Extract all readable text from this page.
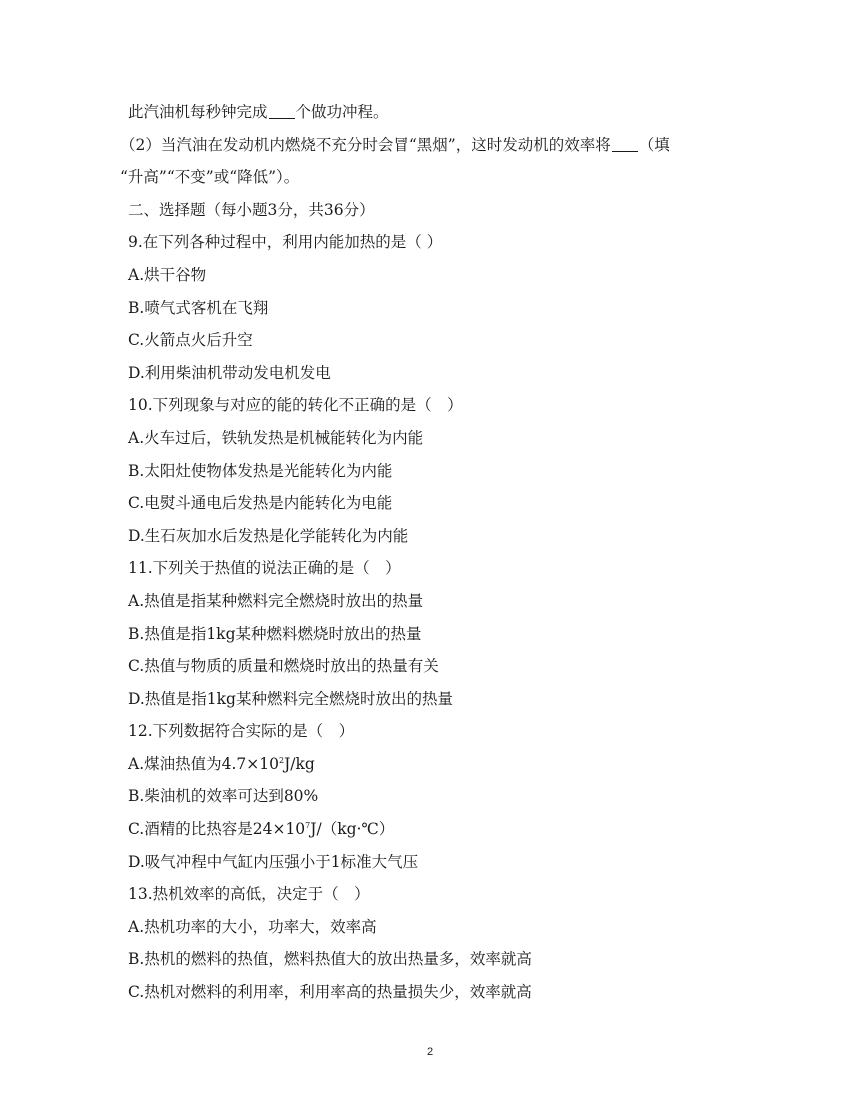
此汽油机每秒钟完成 个做功冲程。
（2）当汽油在发动机内燃烧不充分时会冒“黑烟”，这时发动机的效率将 （填
“升高”“不变”或“降低”）。
二、选择题（每小题3分，共36分）
9.在下列各种过程中，利用内能加热的是（ ）
A.烘干谷物
B.喷气式客机在飞翔
C.火箭点火后升空
D.利用柴油机带动发电机发电
10.下列现象与对应的能的转化不正确的是（　）
A.火车过后，铁轨发热是机械能转化为内能
B.太阳灶使物体发热是光能转化为内能
C.电熨斗通电后发热是内能转化为电能
D.生石灰加水后发热是化学能转化为内能
11.下列关于热值的说法正确的是（　）
A.热值是指某种燃料完全燃烧时放出的热量
B.热值是指1kg某种燃料燃烧时放出的热量
C.热值与物质的质量和燃烧时放出的热量有关
D.热值是指1kg某种燃料完全燃烧时放出的热量
12.下列数据符合实际的是（　）
A.煤油热值为$4.7\times 10^2J/kg$
B.柴油机的效率可达到80%
C.酒精的比热容是$24\times 10^7J/(kg\cdot℃)$
D.吸气冲程中气缸内压强小于1标准大气压
13.热机效率的高低，决定于（　）
A.热机功率的大小，功率大，效率高
B.热机的燃料的热值，燃料热值大的放出热量多，效率就高
C.热机对燃料的利用率，利用率高的热量损失少，效率就高
2
